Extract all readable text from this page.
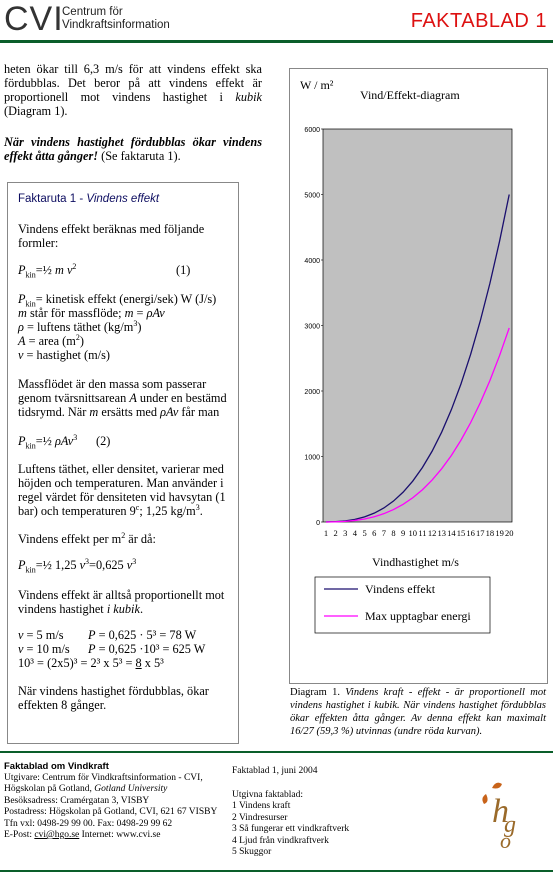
CVI
Centrum för
Vindkraftsinformation	FAKTABLAD 1
heten ökar till 6,3 m/s för att vindens effekt ska fördubblas. Det beror på att vindens effekt är proportionell mot vindens hastighet i kubik (Diagram 1).
När vindens hastighet fördubblas ökar vindens effekt åtta gånger! (Se faktaruta 1).
Faktaruta 1 - Vindens effekt
Vindens effekt beräknas med följande formler:
$P_{kin}=\frac{1}{2}$ m $v^2$	(1)
$P_{kin}=$ kinetisk effekt (energi/sek) W (J/s)
m står för massflöde; m = ρAv
ρ = luftens täthet $(kg/m^3)$
A = area $(m^2)$
v = hastighet (m/s)
Massflödet är den massa som passerar genom tvärsnittsarean A under en bestämd tidsrymd. När m ersätts med ρAv får man
$P_{kin}=\frac{1}{2}$ ρAv$^3$ (2)
Luftens täthet, eller densitet, varierar med höjden och temperaturen. Man använder i regel värdet för densiteten vid havsytan (1 bar) och temperaturen 9$^c$; 1,25 $kg/m^3$.
Vindens effekt per $m^2$ är då:
$P_{kin}=\frac{1}{2}$ 1,25 $v^3=0,625$ $v^3$
Vindens effekt är alltså proportionellt mot vindens hastighet i kubik.
v = 5 m/s P = 0,625 · 5³ = 78 W
v = 10 m/s P = 0,625 ·10³ = 625 W
10³ = (2x5)³ = 2³ x 5³ = 8 x 5³
När vindens hastighet fördubblas, ökar effekten 8 gånger.
W / m²
Vind/Effekt-diagram
0
1000
2000
3000
4000
5000
6000
1 2 3 4 5 6 7 8 9 10 11 12 13 14 15 16 17 18 19 20
Vindhastighet m/s
Vindens effekt
Max upptagbar energi
Diagram 1. Vindens kraft - effekt - är proportionell mot vindens hastighet i kubik. När vindens hastighet fördubblas ökar effekten åtta gånger. Av denna effekt kan maximalt 16/27 (59,3 %) utvinnas (undre röda kurvan).
Faktablad om Vindkraft
Utgivare: Centrum för Vindkraftsinformation - CVI,
Högskolan på Gotland, Gotland University
Besöksadress: Cramérgatan 3, VISBY
Postadress: Högskolan på Gotland, CVI, 621 67 VISBY
Tfn vxl: 0498-29 99 00. Fax: 0498-29 99 62
E-Post: cvi@hgo.se Internet: www.cvi.se
Faktablad 1, juni 2004
Utgivna faktablad:
1 Vindens kraft
2 Vindresurser
3 Så fungerar ett vindkraftverk
4 Ljud från vindkraftverk
5 Skuggor
h
g
o
